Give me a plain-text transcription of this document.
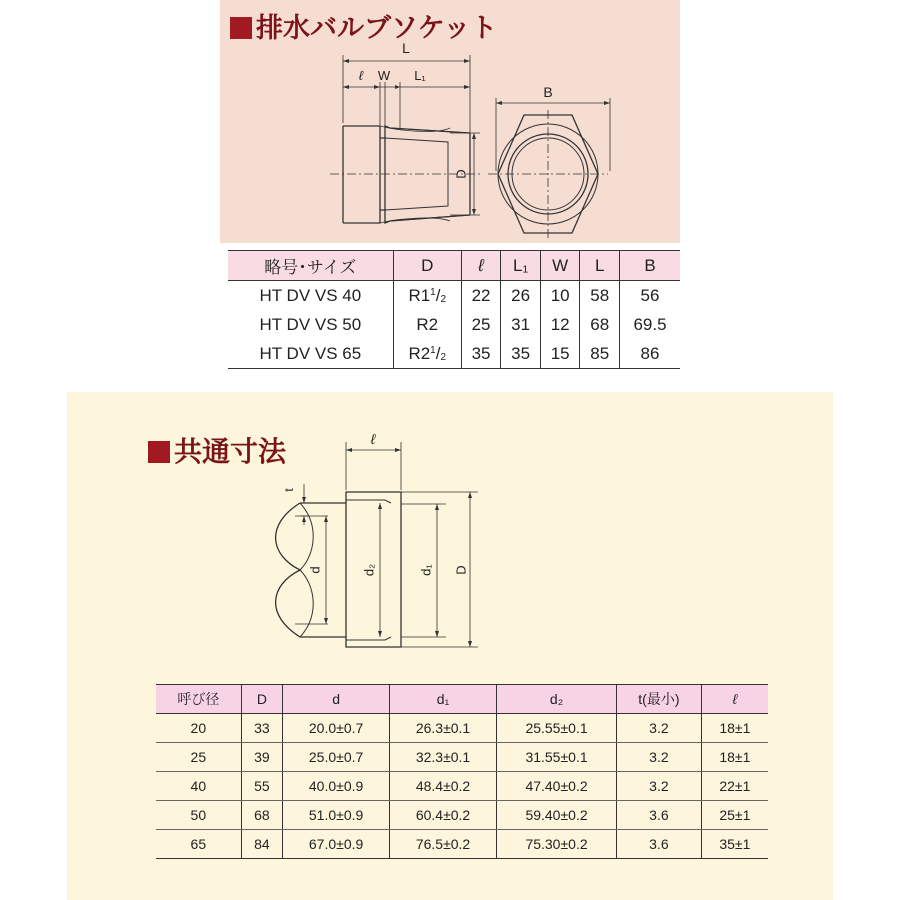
排水バルブソケット
L
ℓ W L₁
D
B
略号･サイズ	D	ℓ	L₁	W	L	B
HT DV VS 40	$R1^1/_2$	22	26	10	58	56
HT DV VS 50	R2	25	31	12	68	69.5
HT DV VS 65	$R2^1/_2$	35	35	15	85	86
共通寸法	ℓ
t
d	d₂	d₁ D
呼び径	D	d	d₁	d₂	t(最小)	ℓ
20	33	20.0±0.7	26.3±0.1	25.55±0.1	3.2	18±1
25	39	25.0±0.7	32.3±0.1	31.55±0.1	3.2	18±1
40	55	40.0±0.9	48.4±0.2	47.40±0.2	3.2	22±1
50	68	51.0±0.9	60.4±0.2	59.40±0.2	3.6	25±1
65	84	67.0±0.9	76.5±0.2	75.30±0.2	3.6	35±1
